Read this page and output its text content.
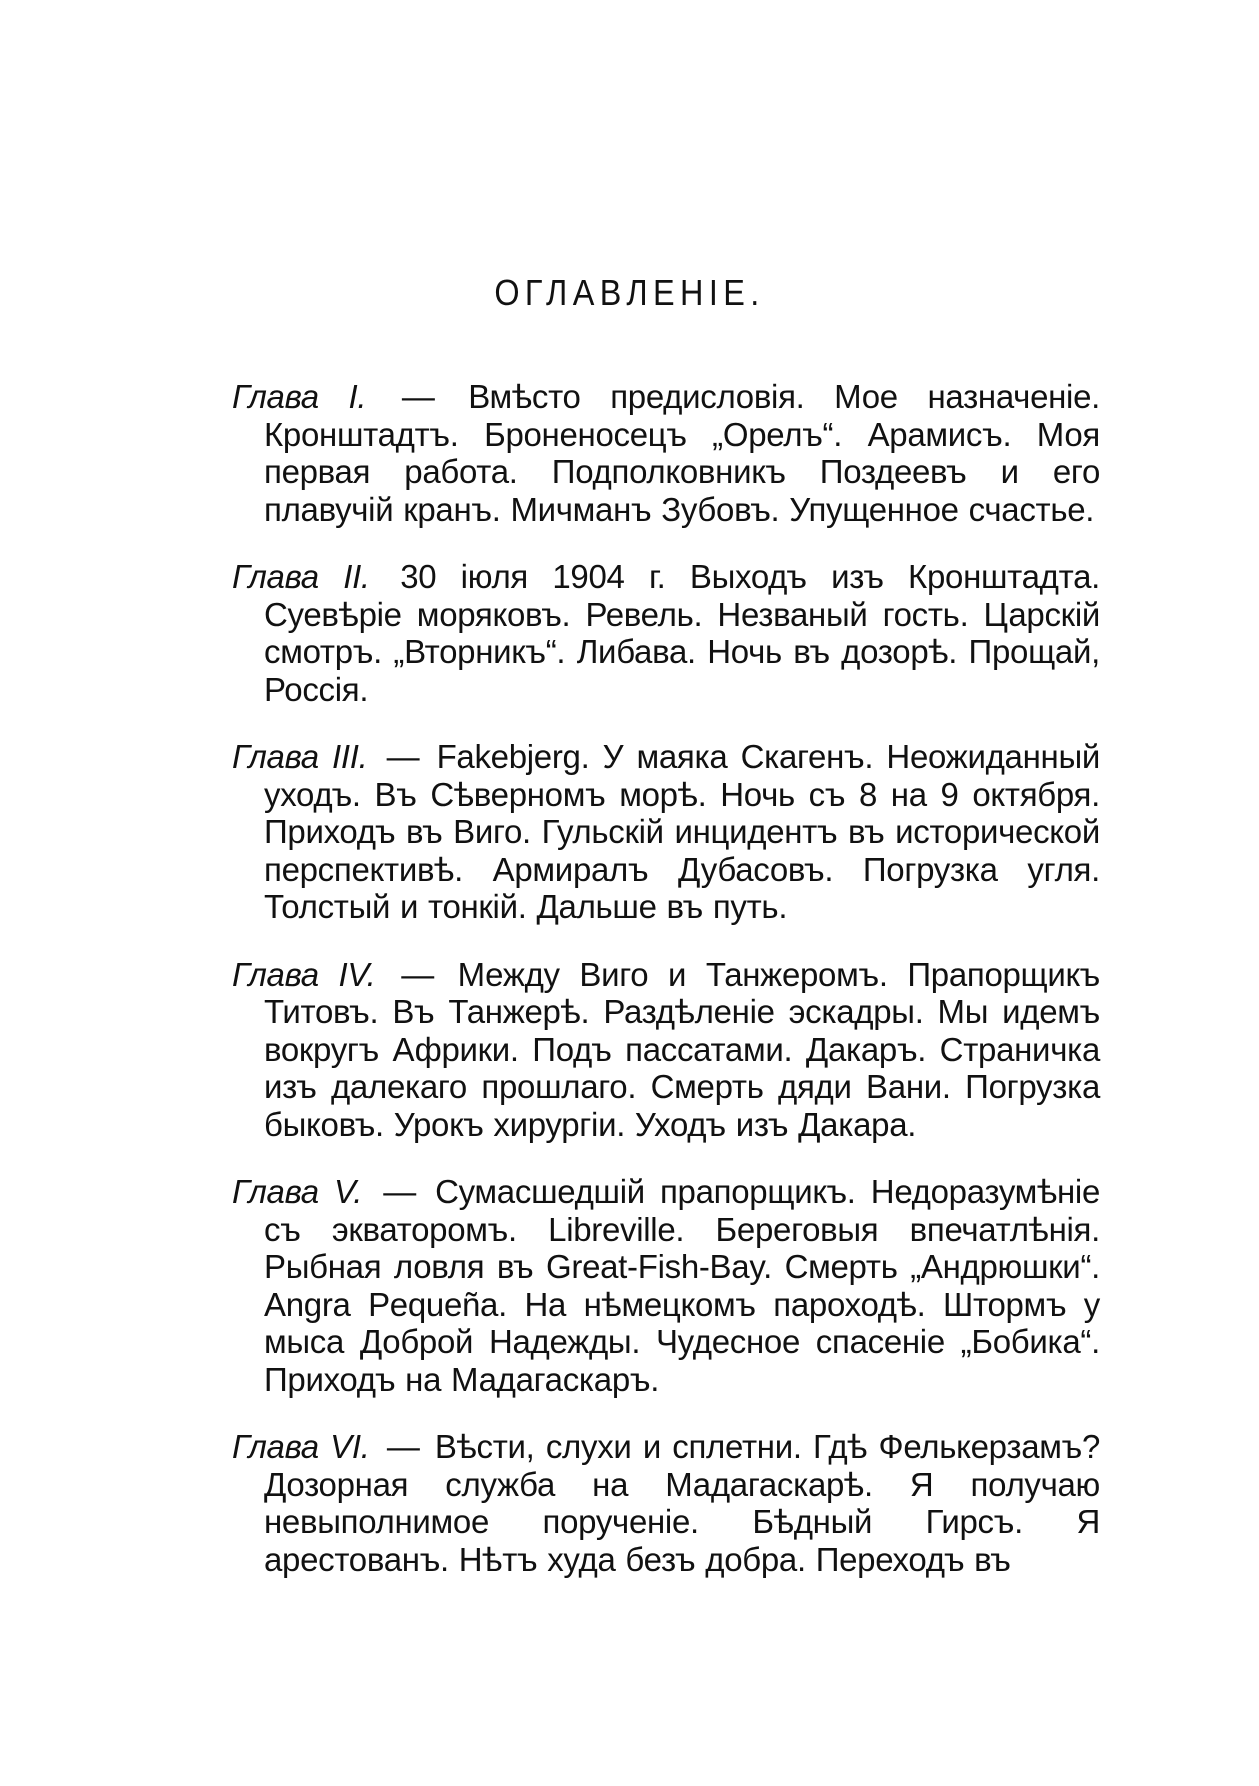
ОГЛАВЛЕНIЕ.

Глава I. — Вмѣсто предисловія. Мое назначеніе. Кронштадтъ. Броненосецъ „Орелъ“. Арамисъ. Моя первая работа. Подполковникъ Поздеевъ и его плавучій кранъ. Мичманъ Зубовъ. Упущенное счастье.

Глава II. 30 іюля 1904 г. Выходъ изъ Кронштадта. Суевѣріе моряковъ. Ревель. Незваный гость. Царскій смотръ. „Вторникъ“. Либава. Ночь въ дозорѣ. Прощай, Россія.

Глава III. — Fakebjerg. У маяка Скагенъ. Неожиданный уходъ. Въ Сѣверномъ морѣ. Ночь съ 8 на 9 октября. Приходъ въ Виго. Гульскій инцидентъ въ исторической перспективѣ. Армиралъ Дубасовъ. Погрузка угля. Толстый и тонкій. Дальше въ путь.

Глава IV. — Между Виго и Танжеромъ. Прапорщикъ Титовъ. Въ Танжерѣ. Раздѣленіе эскадры. Мы идемъ вокругъ Африки. Подъ пассатами. Дакаръ. Страничка изъ далекаго прошлаго. Смерть дяди Вани. Погрузка быковъ. Урокъ хирургіи. Уходъ изъ Дакара.

Глава V. — Сумасшедшій прапорщикъ. Недоразумѣніе съ экваторомъ. Libreville. Береговыя впечатлѣнія. Рыбная ловля въ Great-Fish-Bay. Смерть „Андрюшки“. Angra Pequeña. На нѣмецкомъ пароходѣ. Штормъ у мыса Доброй Надежды. Чудесное спасеніе „Бобика“. Приходъ на Мадагаскаръ.

Глава VI. — Вѣсти, слухи и сплетни. Гдѣ Фелькерзамъ? Дозорная служба на Мадагаскарѣ. Я получаю невыполнимое порученіе. Бѣдный Гирсъ. Я арестованъ. Нѣтъ худа безъ добра. Переходъ въ
